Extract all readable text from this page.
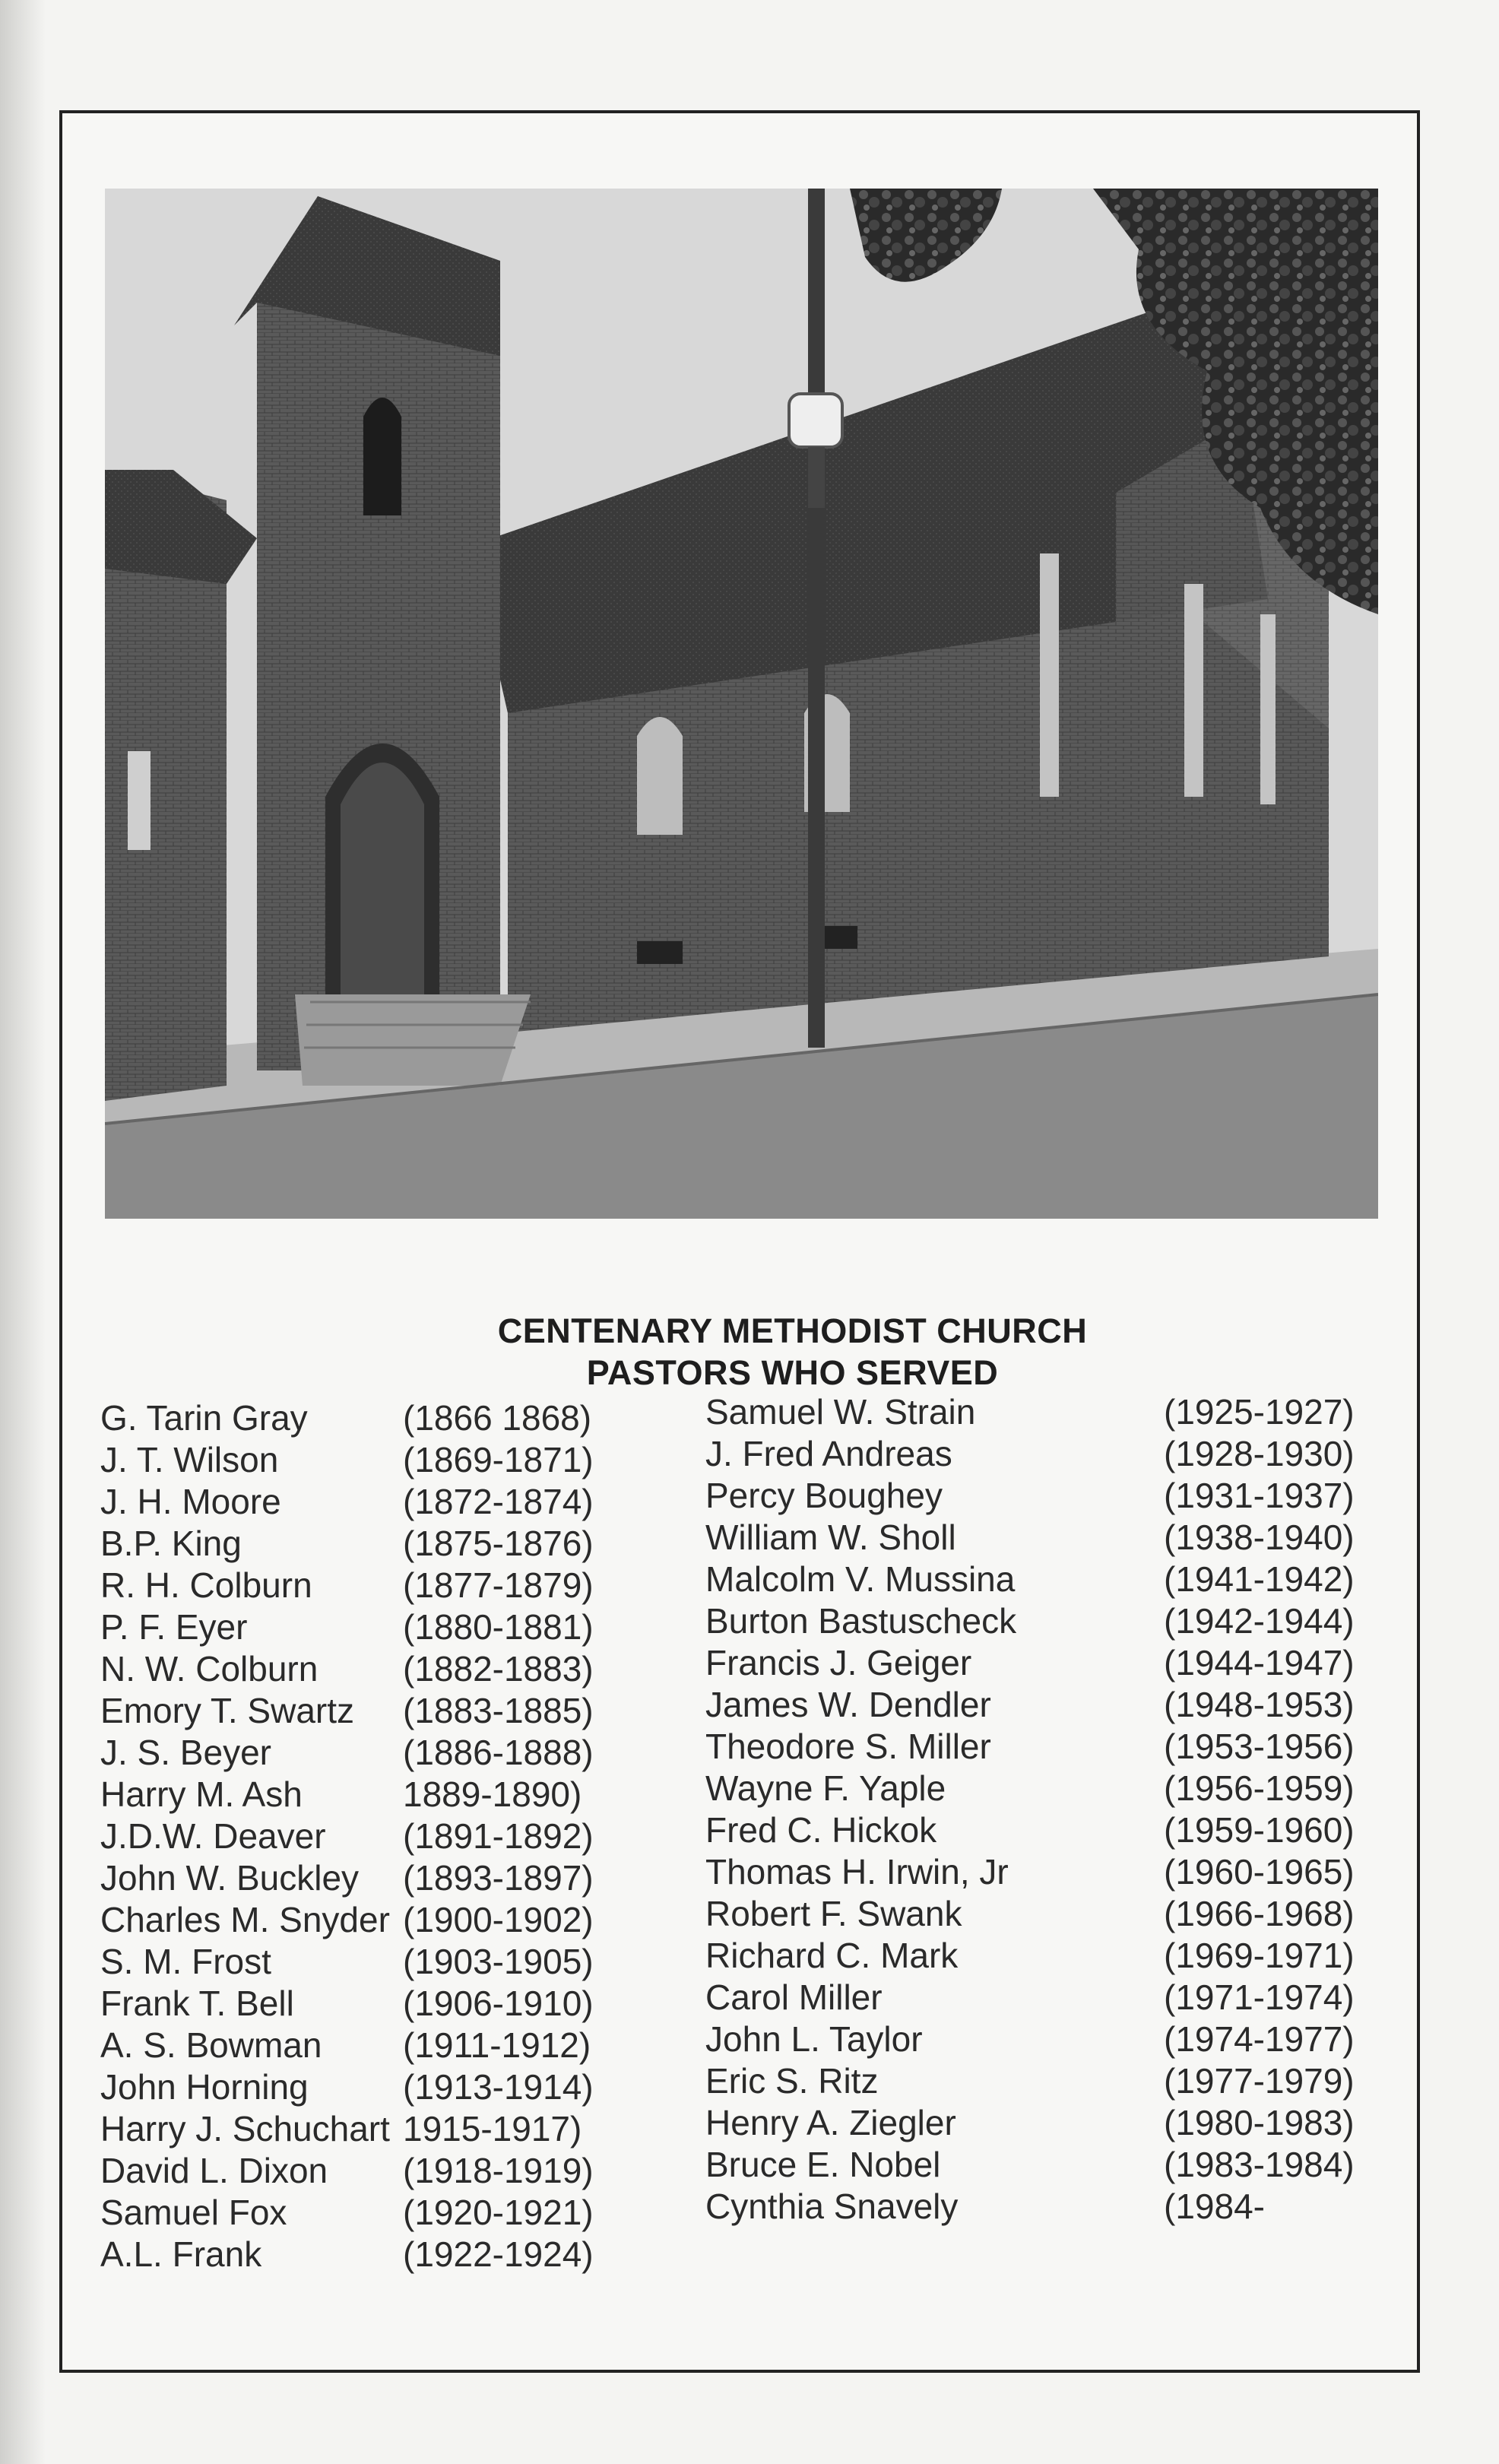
CENTENARY METHODIST CHURCH
PASTORS WHO SERVED
G. Tarin Gray	(1866 1868)
J. T. Wilson	(1869-1871)
J. H. Moore	(1872-1874)
B.P. King	(1875-1876)
R. H. Colburn	(1877-1879)
P. F. Eyer	(1880-1881)
N. W. Colburn (1882-1883)
Emory T. Swartz (1883-1885)
J. S. Beyer	(1886-1888)
Harry M. Ash	1889-1890)
J.D.W. Deaver (1891-1892)
John W. Buckley (1893-1897)
Charles M. Snyder (1900-1902)
S. M. Frost	(1903-1905)
Frank T. Bell	(1906-1910)
A. S. Bowman (1911-1912)
John Horning	(1913-1914)
Harry J. Schuchart 1915-1917)
David L. Dixon (1918-1919)
Samuel Fox	(1920-1921)
A.L. Frank	(1922-1924)
Samuel W. Strain	(1925-1927)
J. Fred Andreas	(1928-1930)
Percy Boughey	(1931-1937)
William W. Sholl	(1938-1940)
Malcolm V. Mussina	(1941-1942)
Burton Bastuscheck	(1942-1944)
Francis J. Geiger	(1944-1947)
James W. Dendler	(1948-1953)
Theodore S. Miller	(1953-1956)
Wayne F. Yaple	(1956-1959)
Fred C. Hickok	(1959-1960)
Thomas H. Irwin, Jr	(1960-1965)
Robert F. Swank	(1966-1968)
Richard C. Mark	(1969-1971)
Carol Miller	(1971-1974)
John L. Taylor	(1974-1977)
Eric S. Ritz	(1977-1979)
Henry A. Ziegler	(1980-1983)
Bruce E. Nobel	(1983-1984)
Cynthia Snavely	(1984-
